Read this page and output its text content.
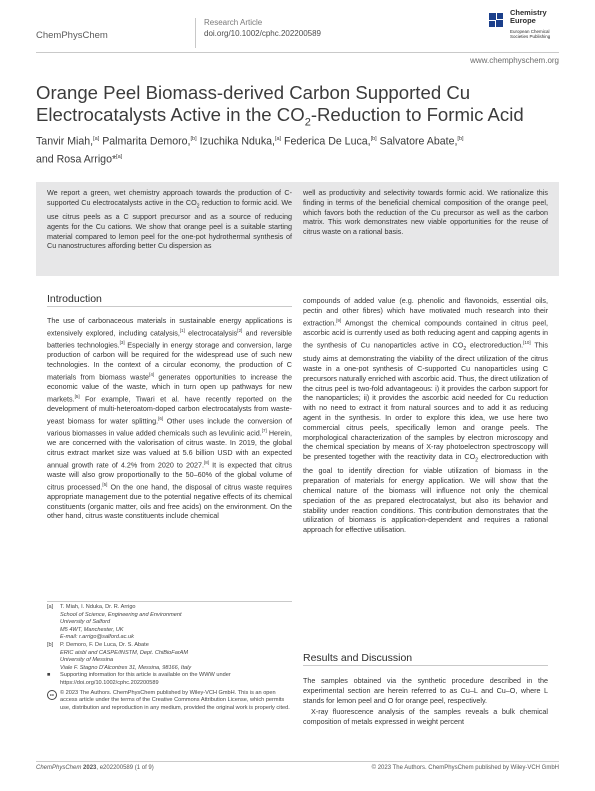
ChemPhysChem
Research Article
doi.org/10.1002/cphc.202200589
Chemistry
Europe
European Chemical
Societies Publishing
www.chemphyschem.org
Orange Peel Biomass-derived Carbon Supported Cu
Electrocatalysts Active in the $CO_2$-Reduction to Formic Acid
Tanvir Miah,[a] Palmarita Demoro,[b] Izuchika Nduka,[a] Federica De Luca,[b] Salvatore Abate,[b]
and Rosa Arrigo*[a]

We report a green, wet chemistry approach towards the production of C-supported Cu electrocatalysts active in the $CO_2$ reduction to formic acid. We use citrus peels as a C support precursor and as a source of reducing agents for the Cu cations. We show that orange peel is a suitable starting material compared to lemon peel for the one-pot hydrothermal synthesis of Cu nanostructures affording better Cu dispersion as

well as productivity and selectivity towards formic acid. We rationalize this finding in terms of the beneficial chemical composition of the orange peel, which favors both the reduction of the Cu precursor as well as the carbon matrix. This work demonstrates new viable opportunities for the reuse of citrus waste on a rational basis.

Introduction

The use of carbonaceous materials in sustainable energy applications is extensively explored, including catalysis,[1] electrocatalysis[2] and reversible batteries technologies.[3] Especially in energy storage and conversion, large production of carbon will be required for the widespread use of such new technologies. In the context of a circular economy, the production of C materials from biomass waste[4] generates opportunities to increase the economic value of the waste, which in turn open up pathways for new markets.[5] For example, Tiwari et al. have recently reported on the development of multi-heteroatom-doped carbon electrocatalysts from waste-yeast biomass for water splitting.[6] Other uses include the conversion of various biomasses in value added chemicals such as levulinic acid.[7] Herein, we are concerned with the valorisation of citrus waste. In 2019, the global citrus extract market size was valued at 5.6 billion USD with an expected annual growth rate of 4.2% from 2020 to 2027.[8] It is expected that citrus waste will also grow proportionally to the 50–60% of the global volume of citrus processed.[5] On the one hand, the disposal of citrus waste requires appropriate management due to the potential negative effects of its chemical constituents (organic matter, oils and free acids) on the environment. On the other hand, citrus waste constituents include chemical

compounds of added value (e.g. phenolic and flavonoids, essential oils, pectin and other fibres) which have motivated much research into their extraction.[9] Amongst the chemical compounds contained in citrus peel, ascorbic acid is currently used as both reducing agent and capping agents in the synthesis of Cu nanoparticles active in $CO_2$ electroreduction.[10] This study aims at demonstrating the viability of the direct utilization of the citrus waste in a one-pot synthesis of C-supported Cu nanoparticles using C precursors naturally enriched with ascorbic acid. Thus, the direct utilization of the citrus peel is two-fold advantageous: i) it provides the carbon support for the nanoparticles; ii) it provides the ascorbic acid needed for Cu reduction with no need to extract it from natural sources and to add it as reducing agent in the synthesis. In order to explore this idea, we use here two commercial citrus peels, specifically lemon and orange peels. The morphological characterization of the samples by electron microscopy and the chemical speciation by means of X-ray photoelectron spectroscopy will be presented together with the reactivity data in $CO_2$ electroreduction with the goal to identify direction for viable utilization of biomass in the preparation of materials for energy application. We will show that the chemical nature of the biomass will influence not only the chemical speciation of the as prepared electrocatalyst, but also its behavior and stability under reaction conditions. This contribution demonstrates that the utilization of biomass is application-dependent and requires a rational approach for effective utilisation.

[a]	T. Miah, I. Nduka, Dr. R. Arrigo
School of Science, Engineering and Environment
University of Salford
M5 4WT, Manchester, UK
E-mail: r.arrigo@salford.ac.uk
[b]	P. Demoro, F. De Luca, Dr. S. Abate
ERIC aisbl and CASPE/INSTM, Dept. ChiBioFarAM
University of Messina
Viale F. Stagno D'Alcontres 31, Messina, 98166, Italy
■	Supporting information for this article is available on the WWW under https://doi.org/10.1002/cphc.202200589
cc	© 2023 The Authors. ChemPhysChem published by Wiley-VCH GmbH. This is an open access article under the terms of the Creative Commons Attribution License, which permits use, distribution and reproduction in any medium, provided the original work is properly cited.
Results and Discussion

The samples obtained via the synthetic procedure described in the experimental section are herein referred to as Cu–L and Cu–O, where L stands for lemon peel and O for orange peel, respectively.

X-ray fluorescence analysis of the samples reveals a bulk chemical composition of metals expressed in weight percent

ChemPhysChem 2023, e202200589 (1 of 9)	© 2023 The Authors. ChemPhysChem published by Wiley-VCH GmbH
